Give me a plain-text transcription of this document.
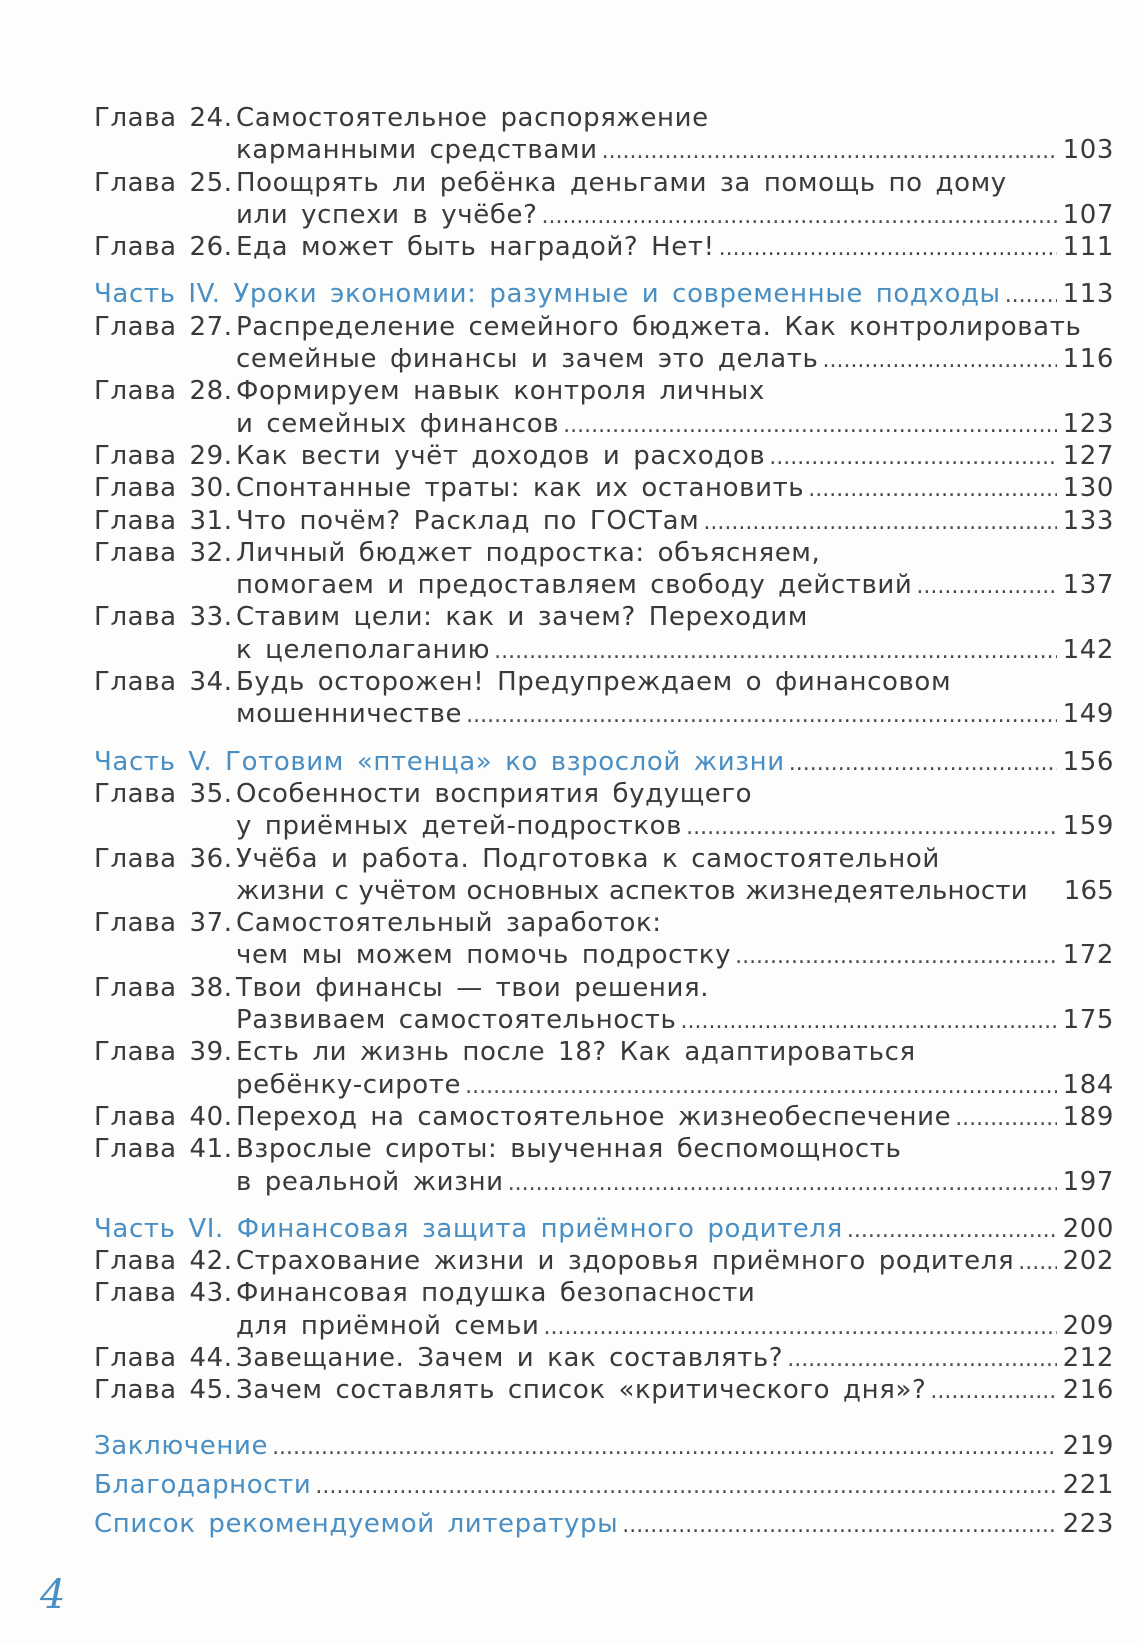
Глава 24. Самостоятельное распоряжение
карманными средствами .....	103
Глава 25. Поощрять ли ребёнка деньгами за помощь по дому
или успехи в учёбе? .....	107
Глава 26. Еда может быть наградой? Нет! .....	111
Часть IV. Уроки экономии: разумные и современные подходы ..... 113
Глава 27. Распределение семейного бюджета. Как контролировать
семейные финансы и зачем это делать .....	116
Глава 28. Формируем навык контроля личных
и семейных финансов .....	123
Глава 29. Как вести учёт доходов и расходов .....	127
Глава 30. Спонтанные траты: как их остановить .....	130
Глава 31. Что почём? Расклад по ГОСТам .....	133
Глава 32. Личный бюджет подростка: объясняем,
помогаем и предоставляем свободу действий .....	137
Глава 33. Ставим цели: как и зачем? Переходим
к целеполаганию .....	142
Глава 34. Будь осторожен! Предупреждаем о финансовом
мошенничестве .....	149
Часть V. Готовим «птенца» ко взрослой жизни .....	156
Глава 35. Особенности восприятия будущего
у приёмных детей-подростков .....	159
Глава 36. Учёба и работа. Подготовка к самостоятельной
жизни с учётом основных аспектов жизнедеятельности 165
Глава 37. Самостоятельный заработок:
чем мы можем помочь подростку .....	172
Глава 38. Твои финансы — твои решения.
Развиваем самостоятельность .....	175
Глава 39. Есть ли жизнь после 18? Как адаптироваться
ребёнку-сироте .....	184
Глава 40. Переход на самостоятельное жизнеобеспечение .....	189
Глава 41. Взрослые сироты: выученная беспомощность
в реальной жизни .....	197
Часть VI. Финансовая защита приёмного родителя .....	200
Глава 42. Страхование жизни и здоровья приёмного родителя ..... 202
Глава 43. Финансовая подушка безопасности
для приёмной семьи .....	209
Глава 44. Завещание. Зачем и как составлять? .....	212
Глава 45. Зачем составлять список «критического дня»? .....	216
Заключение .....	219
Благодарности .....	221
Список рекомендуемой литературы .....	223
4
